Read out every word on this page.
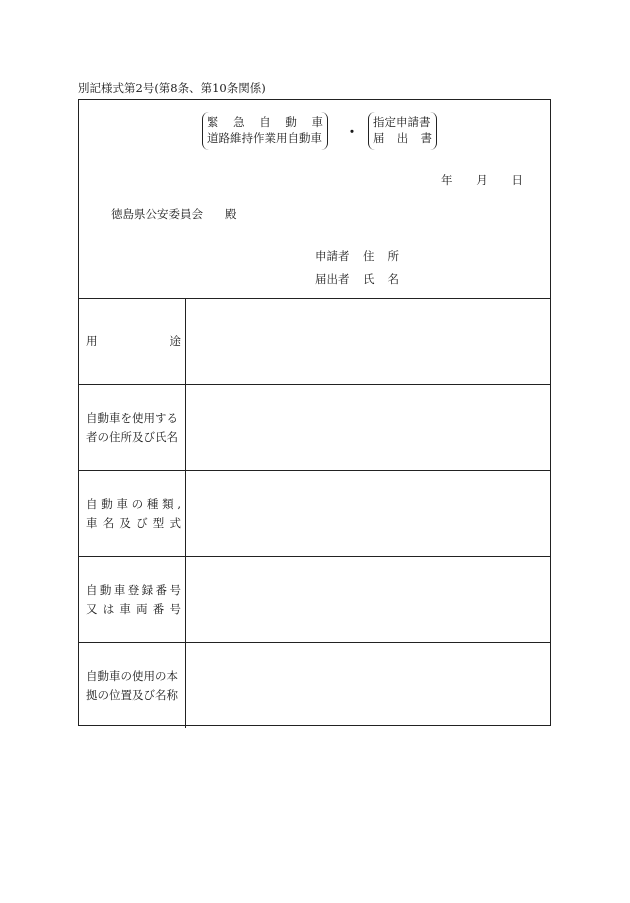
別記様式第2号(第8条、第10条関係)
緊 急 自 動 車
道路維持作業用自動車 ・
指定申請書
届 出 書
年 月 日
徳島県公安委員会 殿
申請者 住 所
届出者 氏 名
用	途
自動車を使用する
者の住所及び氏名
自 動 車 の 種 類 ,
車 名 及 び 型 式
自 動 車 登 録 番 号
又 は 車 両 番 号
自動車の使用の本
拠の位置及び名称
